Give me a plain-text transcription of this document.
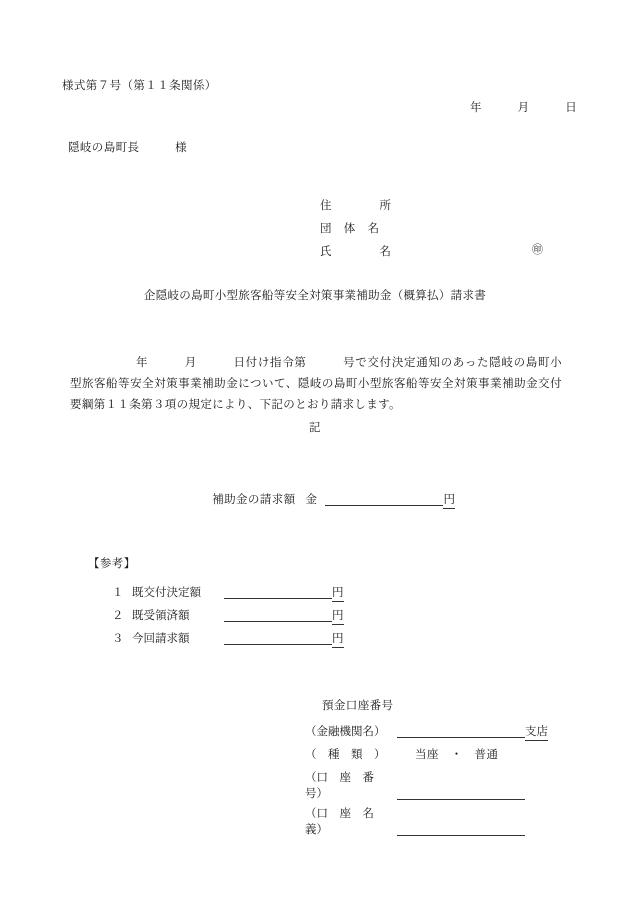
様式第７号（第１１条関係）
年　　　月　　　日
隠岐の島町長　　　様
住　　　　所
団　体　名
氏　　　　名	㊞
企隠岐の島町小型旅客船等安全対策事業補助金（概算払）請求書
年　　　月　　　日付け指令第　　　号で交付決定通知のあった隠岐の島町小型旅客船等安全対策事業補助金について、隠岐の島町小型旅客船等安全対策事業補助金交付要綱第１１条第３項の規定により、下記のとおり請求します。
記

補助金の請求額 金	円

【参考】
１ 既交付決定額	円
２ 既受領済額	円
３ 今回請求額	円
預金口座番号
（金融機関名）	支店
（　種　類　）	当座　・　普通
（口　座　番　号）
（口　座　名　義）
